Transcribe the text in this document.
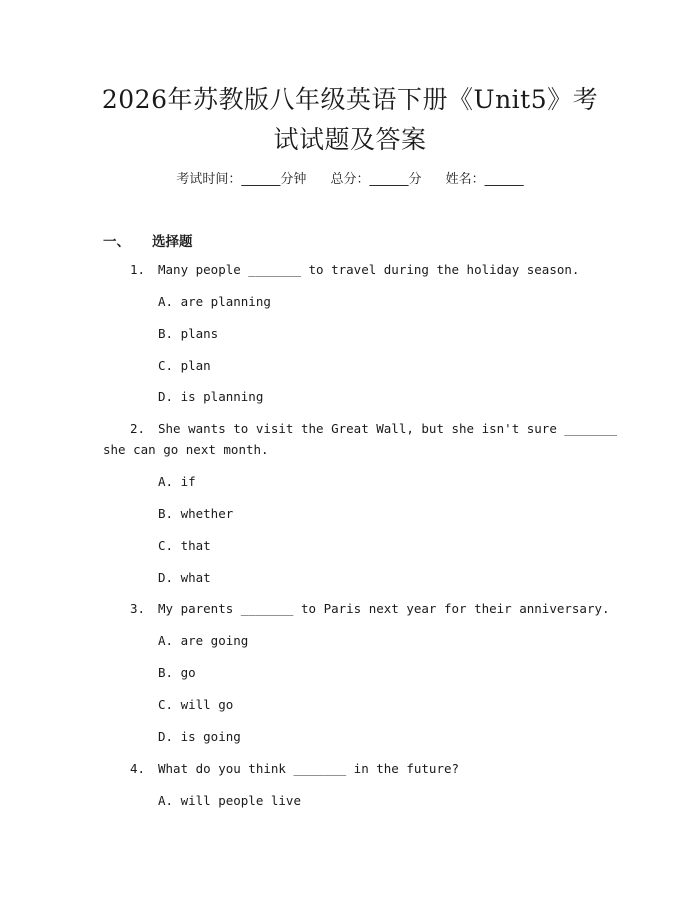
2026年苏教版八年级英语下册《Unit5》考
试试题及答案
考试时间：______分钟 总分：______分 姓名：______
一、 选择题
1. Many people _______ to travel during the holiday season.
A. are planning
B. plans
C. plan
D. is planning
2. She wants to visit the Great Wall, but she isn't sure _______
she can go next month.
A. if
B. whether
C. that
D. what
3. My parents _______ to Paris next year for their anniversary.
A. are going
B. go
C. will go
D. is going
4. What do you think _______ in the future?
A. will people live
